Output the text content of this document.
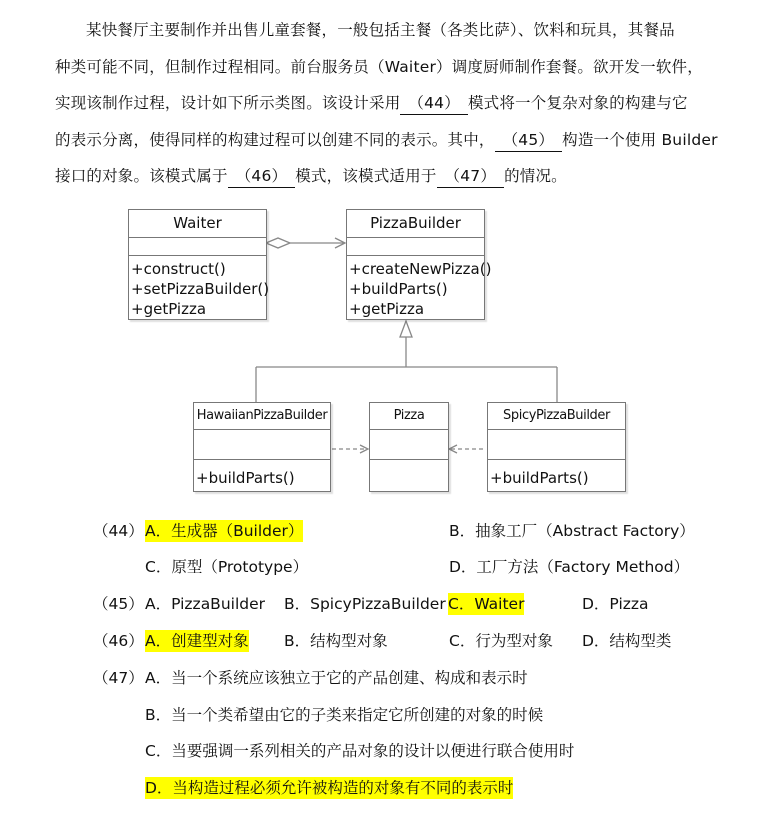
某快餐厅主要制作并出售儿童套餐，一般包括主餐（各类比萨）、饮料和玩具，其餐品

种类可能不同，但制作过程相同。前台服务员（Waiter）调度厨师制作套餐。欲开发一软件，

实现该制作过程，设计如下所示类图。该设计采用 （44） 模式将一个复杂对象的构建与它

的表示分离，使得同样的构建过程可以创建不同的表示。其中， （45） 构造一个使用 Builder

接口的对象。该模式属于 （46） 模式，该模式适用于 （47） 的情况。

Waiter
+construct()
+setPizzaBuilder()
+getPizza
PizzaBuilder
+createNewPizza()
+buildParts()
+getPizza
HawaiianPizzaBuilder
+buildParts()
Pizza	SpicyPizzaBuilder
+buildParts()
（44） A．生成器（Builder）	B．抽象工厂（Abstract Factory）
C．原型（Prototype）	D．工厂方法（Factory Method）
（45） A．PizzaBuilder B．SpicyPizzaBuilder C．Waiter	D．Pizza
（46） A．创建型对象 B．结构型对象	C．行为型对象 D．结构型类
（47） A．当一个系统应该独立于它的产品创建、构成和表示时
B．当一个类希望由它的子类来指定它所创建的对象的时候
C．当要强调一系列相关的产品对象的设计以便进行联合使用时
D．当构造过程必须允许被构造的对象有不同的表示时
